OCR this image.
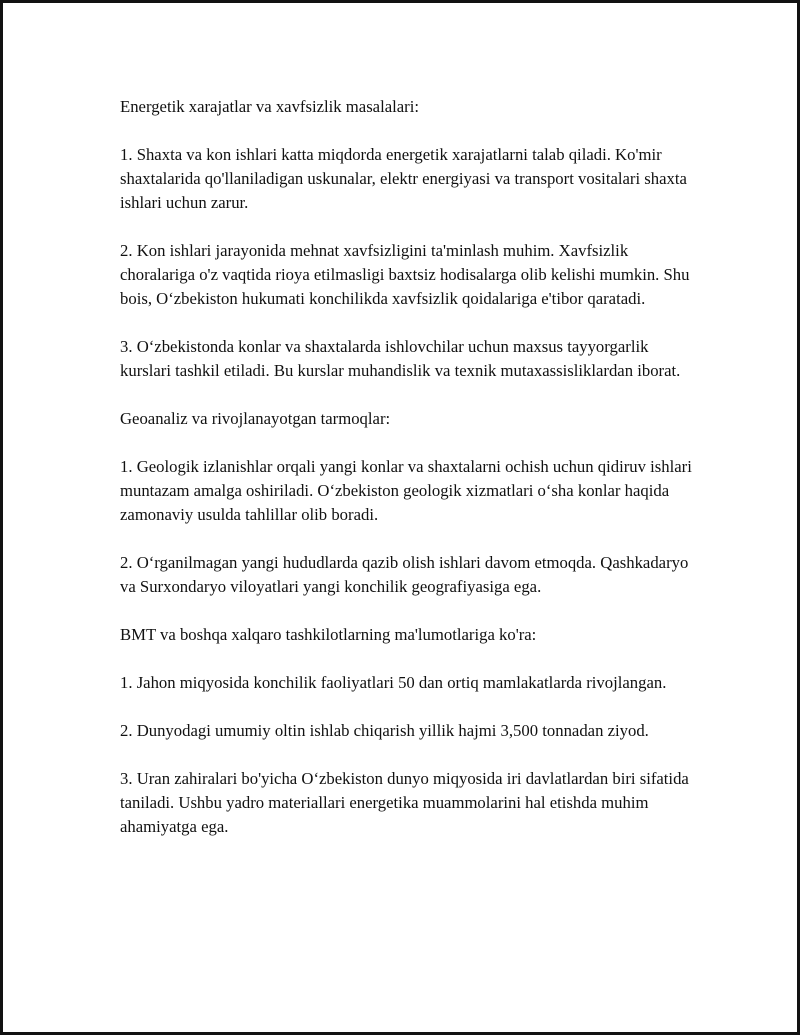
Energetik xarajatlar va xavfsizlik masalalari:

1. Shaxta va kon ishlari katta miqdorda energetik xarajatlarni talab qiladi. Ko'mir shaxtalarida qo'llaniladigan uskunalar, elektr energiyasi va transport vositalari shaxta ishlari uchun zarur.

2. Kon ishlari jarayonida mehnat xavfsizligini ta'minlash muhim. Xavfsizlik choralariga o'z vaqtida rioya etilmasligi baxtsiz hodisalarga olib kelishi mumkin. Shu bois, O‘zbekiston hukumati konchilikda xavfsizlik qoidalariga e'tibor qaratadi.

3. O‘zbekistonda konlar va shaxtalarda ishlovchilar uchun maxsus tayyorgarlik kurslari tashkil etiladi. Bu kurslar muhandislik va texnik mutaxassisliklardan iborat.

Geoanaliz va rivojlanayotgan tarmoqlar:

1. Geologik izlanishlar orqali yangi konlar va shaxtalarni ochish uchun qidiruv ishlari muntazam amalga oshiriladi. O‘zbekiston geologik xizmatlari o‘sha konlar haqida zamonaviy usulda tahlillar olib boradi.

2. O‘rganilmagan yangi hududlarda qazib olish ishlari davom etmoqda. Qashkadaryo va Surxondaryo viloyatlari yangi konchilik geografiyasiga ega.

BMT va boshqa xalqaro tashkilotlarning ma'lumotlariga ko'ra:

1. Jahon miqyosida konchilik faoliyatlari 50 dan ortiq mamlakatlarda rivojlangan.

2. Dunyodagi umumiy oltin ishlab chiqarish yillik hajmi 3,500 tonnadan ziyod.

3. Uran zahiralari bo'yicha O‘zbekiston dunyo miqyosida iri davlatlardan biri sifatida taniladi. Ushbu yadro materiallari energetika muammolarini hal etishda muhim ahamiyatga ega.
